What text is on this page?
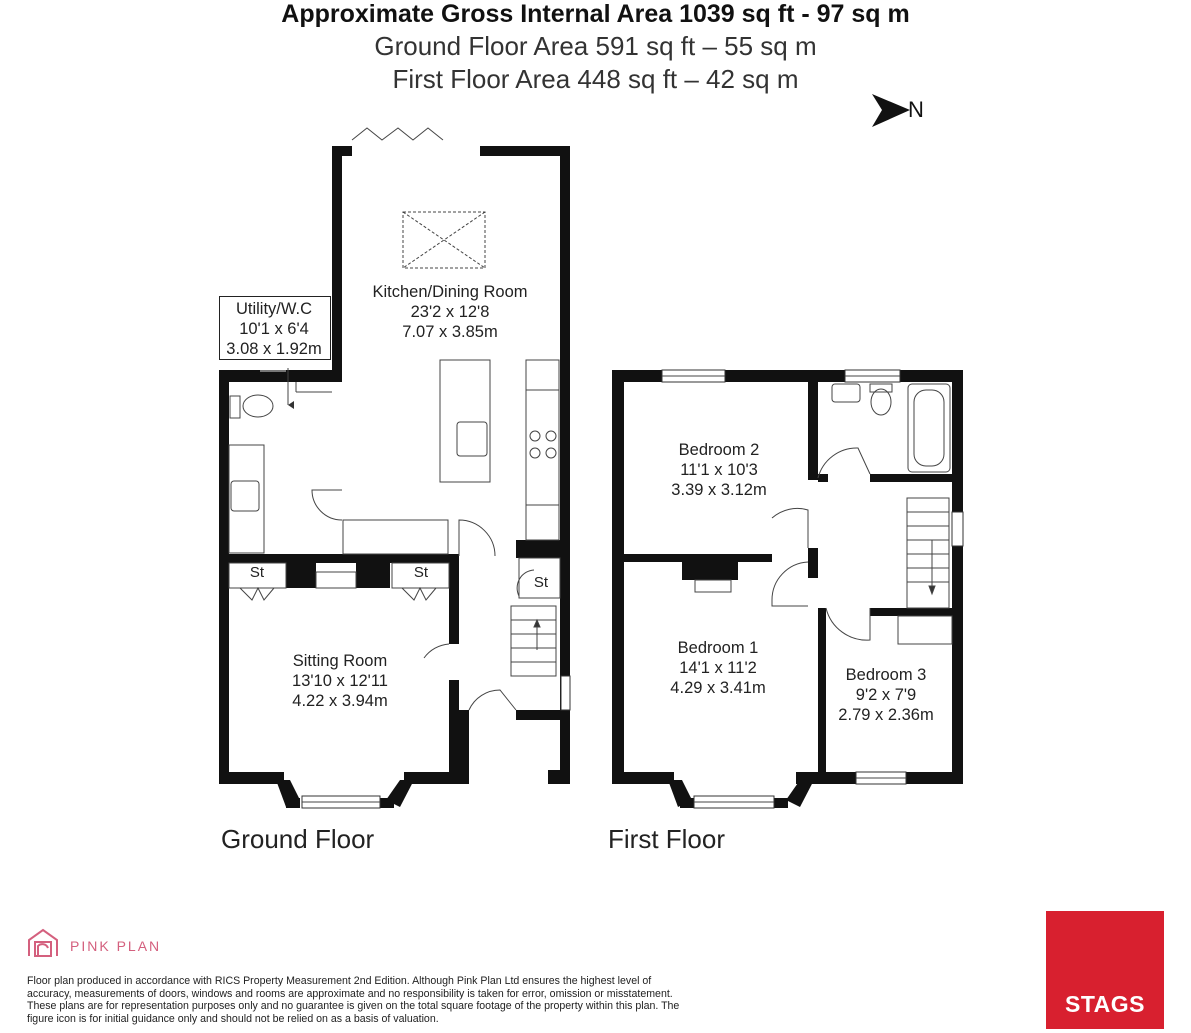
Approximate Gross Internal Area 1039 sq ft - 97 sq m
Ground Floor Area 591 sq ft – 55 sq m
First Floor Area 448 sq ft – 42 sq m
N
Kitchen/Dining Room
23'2 x 12'8
7.07 x 3.85m
Utility/W.C
10'1 x 6'4
3.08 x 1.92m
Sitting Room
13'10 x 12'11
4.22 x 3.94m
St	St
St
Bedroom 2
11'1 x 10'3
3.39 x 3.12m
Bedroom 1
14'1 x 11'2
4.29 x 3.41m
Bedroom 3
9'2 x 7'9
2.79 x 2.36m
Ground Floor	First Floor
PINK PLAN
Floor plan produced in accordance with RICS Property Measurement 2nd Edition. Although Pink Plan Ltd ensures the highest level of accuracy, measurements of doors, windows and rooms are approximate and no responsibility is taken for error, omission or misstatement. These plans are for representation purposes only and no guarantee is given on the total square footage of the property within this plan. The figure icon is for initial guidance only and should not be relied on as a basis of valuation.
STAGS
